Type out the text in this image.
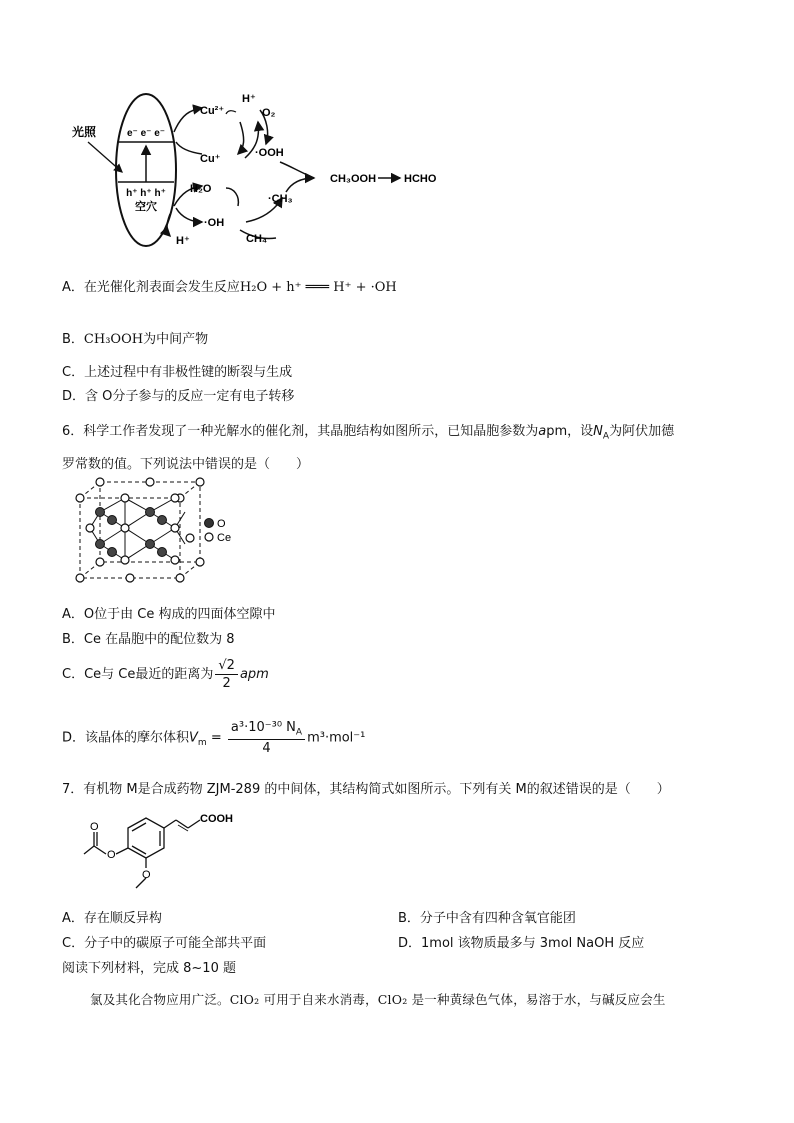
e⁻ e⁻ e⁻
h⁺ h⁺ h⁺
空穴
光照
Cu²⁺
Cu⁺
H⁺
O₂
·OOH
H₂O
·OH
H⁺
·CH₃
CH₄
CH₃OOH	HCHO
A．在光催化剂表面会发生反应H₂O + h⁺ ═══ H⁺ + ·OH
B．CH₃OOH为中间产物
C．上述过程中有非极性键的断裂与生成
D．含 O分子参与的反应一定有电子转移
6．科学工作者发现了一种光解水的催化剂，其晶胞结构如图所示，已知晶胞参数为apm，设$N_A$为阿伏加德
罗常数的值。下列说法中错误的是（　　）
O
Ce
A．O位于由 Ce 构成的四面体空隙中
B．Ce 在晶胞中的配位数为 8
C．Ce与 Ce最近的距离为 $\frac{√2}{2}$ apm
D．该晶体的摩尔体积$V_m = \frac{a^3\cdot 10^{-30} N_A}{4} m^3\cdot mol^{-1}$
7．有机物 M是合成药物 ZJM-289 的中间体，其结构简式如图所示。下列有关 M的叙述错误的是（　　）
COOH
O
O
O
A．存在顺反异构	B．分子中含有四种含氧官能团
C．分子中的碳原子可能全部共平面	D．1mol 该物质最多与 3mol NaOH 反应
阅读下列材料，完成 8~10 题
氯及其化合物应用广泛。ClO₂ 可用于自来水消毒，ClO₂ 是一种黄绿色气体，易溶于水，与碱反应会生
